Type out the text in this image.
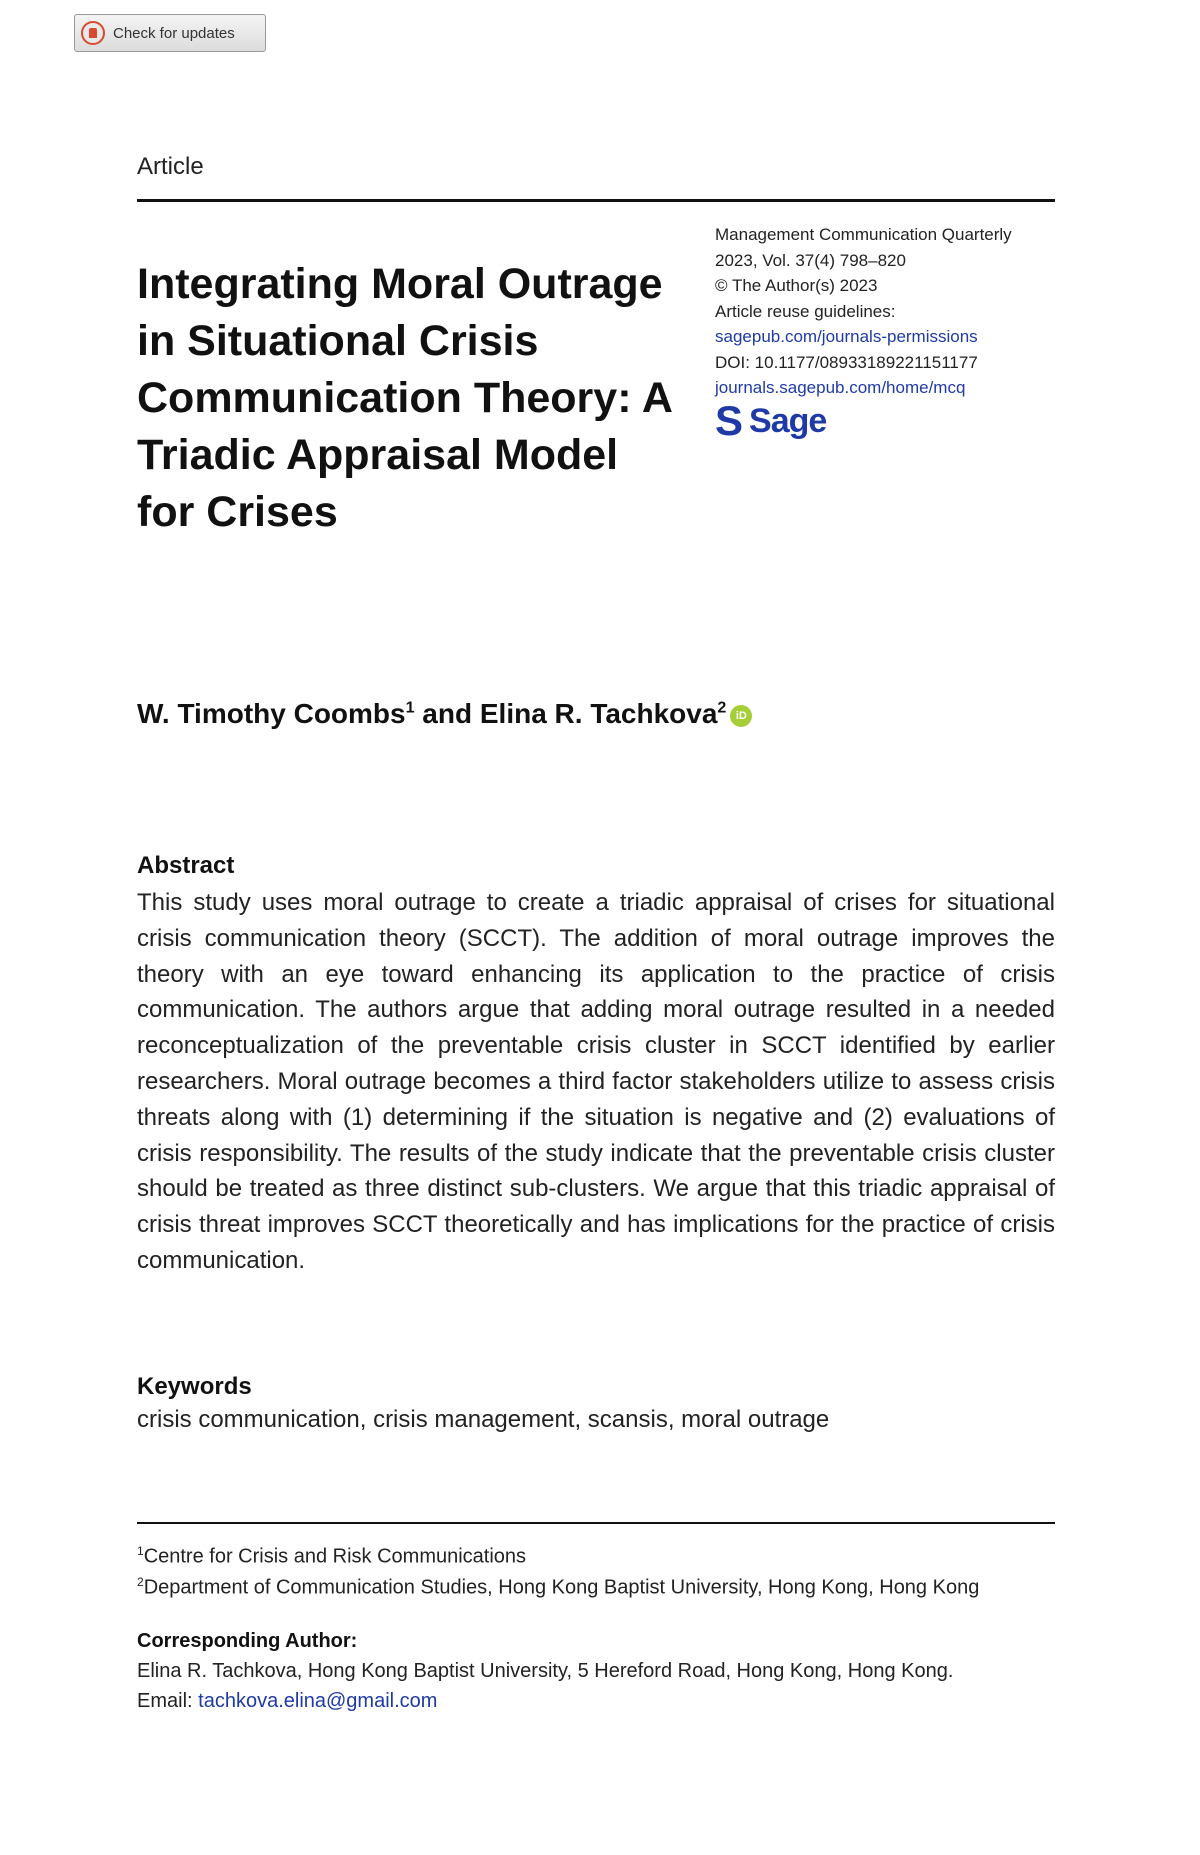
Check for updates
Article
Integrating Moral Outrage in Situational Crisis Communication Theory: A Triadic Appraisal Model for Crises
Management Communication Quarterly
2023, Vol. 37(4) 798–820
© The Author(s) 2023
Article reuse guidelines:
sagepub.com/journals-permissions
DOI: 10.1177/08933189221151177
journals.sagepub.com/home/mcq
S Sage
W. Timothy Coombs$^1$ and Elina R. Tachkova$^2$ iD
Abstract

This study uses moral outrage to create a triadic appraisal of crises for situational crisis communication theory (SCCT). The addition of moral outrage improves the theory with an eye toward enhancing its application to the practice of crisis communication. The authors argue that adding moral outrage resulted in a needed reconceptualization of the preventable crisis cluster in SCCT identified by earlier researchers. Moral outrage becomes a third factor stakeholders utilize to assess crisis threats along with (1) determining if the situation is negative and (2) evaluations of crisis responsibility. The results of the study indicate that the preventable crisis cluster should be treated as three distinct sub-clusters. We argue that this triadic appraisal of crisis threat improves SCCT theoretically and has implications for the practice of crisis communication.

Keywords
crisis communication, crisis management, scansis, moral outrage
$^1$Centre for Crisis and Risk Communications
$^2$Department of Communication Studies, Hong Kong Baptist University, Hong Kong, Hong Kong
Corresponding Author:
Elina R. Tachkova, Hong Kong Baptist University, 5 Hereford Road, Hong Kong, Hong Kong.
Email: tachkova.elina@gmail.com
